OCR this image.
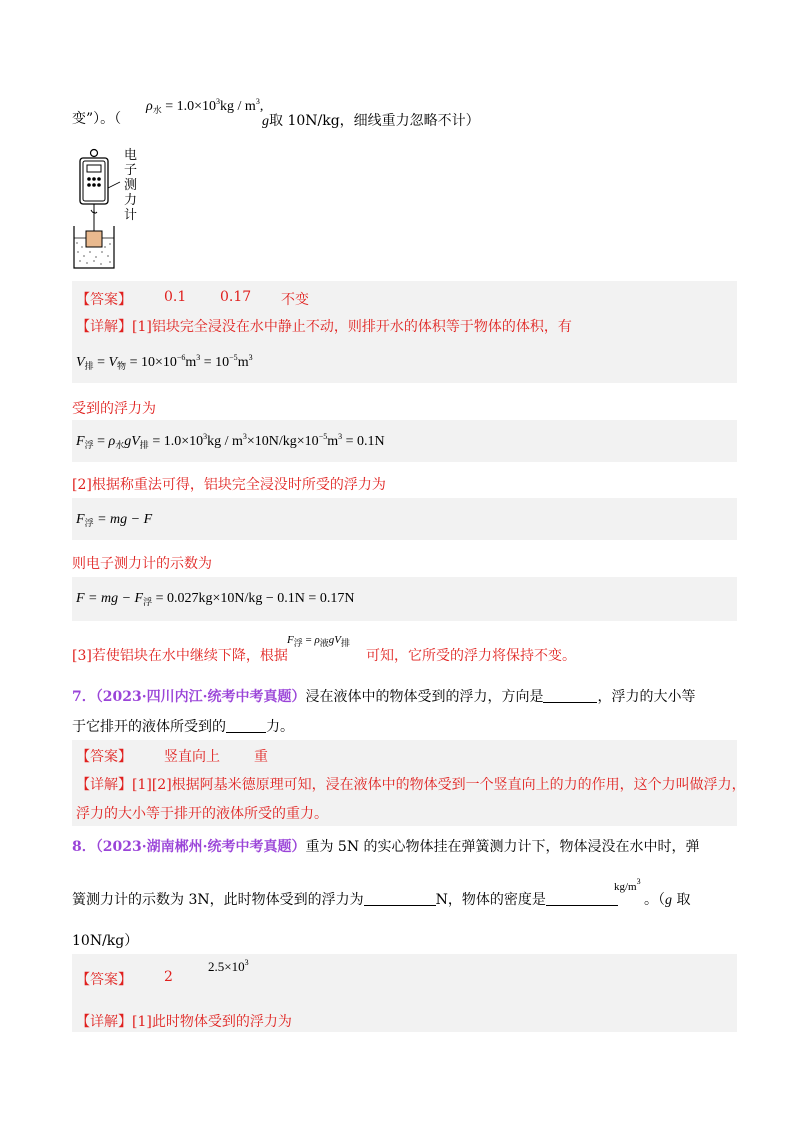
变”）。（
$\rho_水 = 1.0\times 10^3kg / m^3$,
g取 10N/kg，细线重力忽略不计）
电
子
测
力
计
【答案】 0.1 0.17 不变
【详解】[1]铝块完全浸没在水中静止不动，则排开水的体积等于物体的体积，有
$V_排 = V_物 = 10\times 10^{-6}m^3 = 10^{-5}m^3$
受到的浮力为
$F_浮 = \rho_水gV_排 = 1.0\times 10^3kg / m^3\times 10N/kg\times 10^{-5}m^3 = 0.1N$
[2]根据称重法可得，铝块完全浸没时所受的浮力为
$F_浮$ = mg − F
则电子测力计的示数为
F = mg − $F_浮 = 0.027kg\times 10N/kg - 0.1N = 0.17N$
[3]若使铝块在水中继续下降，根据
$F_浮 = \rho_液gV_排$
可知，它所受的浮力将保持不变。
7．（2023·四川内江·统考中考真题）浸在液体中的物体受到的浮力，方向是	，浮力的大小等
于它排开的液体所受到的	力。
【答案】 竖直向上 重
【详解】[1][2]根据阿基米德原理可知，浸在液体中的物体受到一个竖直向上的力的作用，这个力叫做浮力，
浮力的大小等于排开的液体所受的重力。
8．（2023·湖南郴州·统考中考真题）重为 5N 的实心物体挂在弹簧测力计下，物体浸没在水中时，弹
簧测力计的示数为 3N，此时物体受到的浮力为	N，物体的密度是
$kg/m^3$
。（g 取
10N/kg）
【答案】 2
$2.5\times 10^3$
【详解】[1]此时物体受到的浮力为
